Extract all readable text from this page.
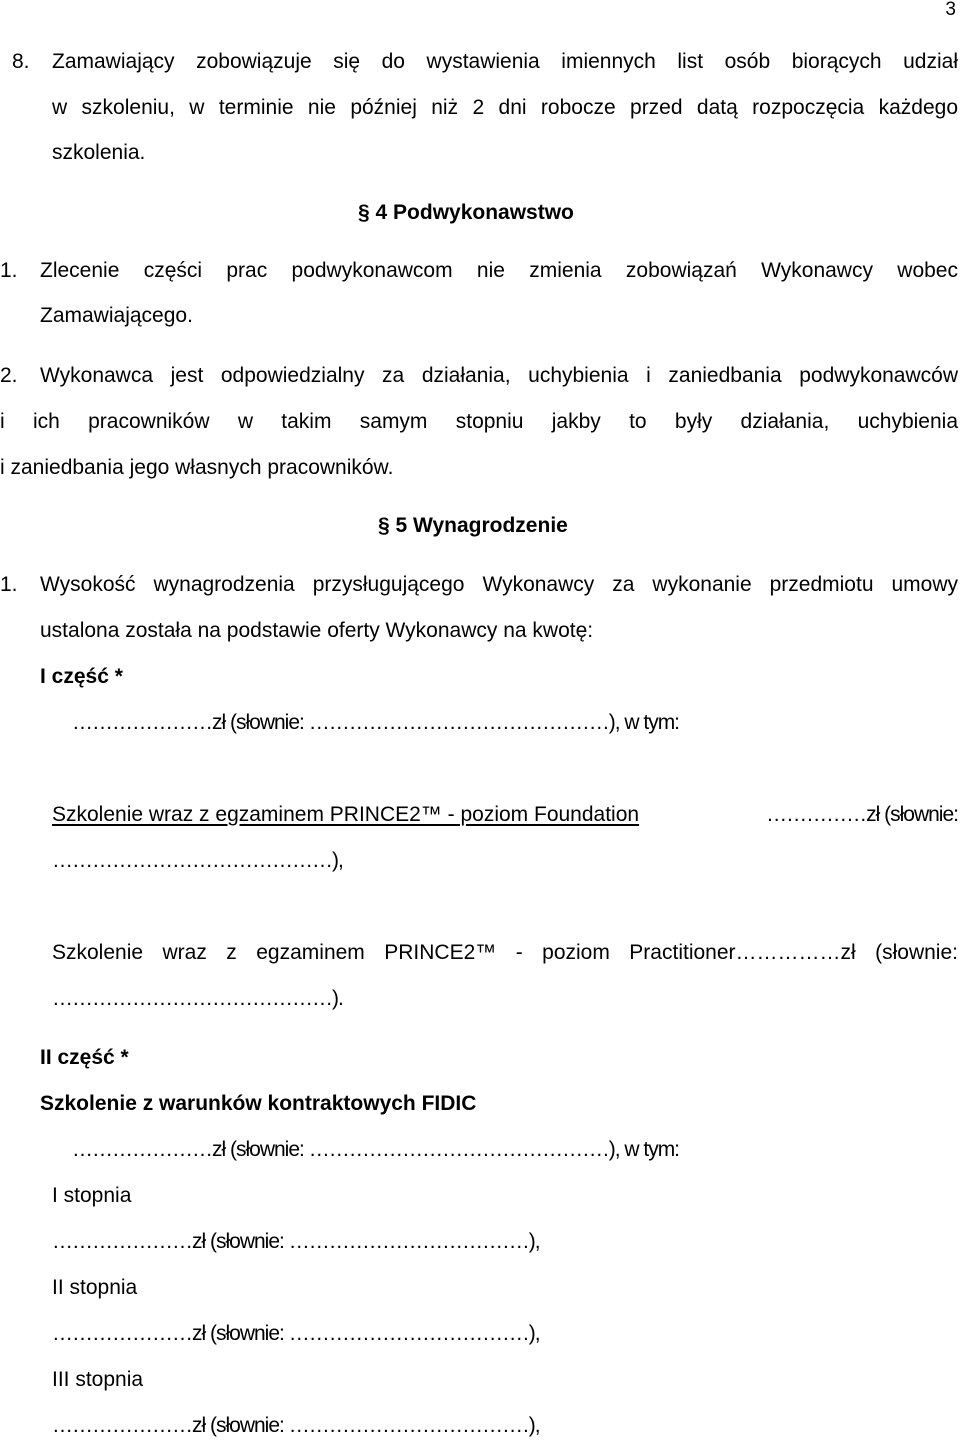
3
8. Zamawiający zobowiązuje się do wystawienia imiennych list osób biorących udział
w szkoleniu, w terminie nie później niż 2 dni robocze przed datą rozpoczęcia każdego
szkolenia.
§ 4 Podwykonawstwo
1. Zlecenie części prac podwykonawcom nie zmienia zobowiązań Wykonawcy wobec
Zamawiającego.
2. Wykonawca jest odpowiedzialny za działania, uchybienia i zaniedbania podwykonawców
i ich pracowników w takim samym stopniu jakby to były działania, uchybienia
i zaniedbania jego własnych pracowników.
§ 5 Wynagrodzenie
1. Wysokość wynagrodzenia przysługującego Wykonawcy za wykonanie przedmiotu umowy
ustalona została na podstawie oferty Wykonawcy na kwotę:
I część *
…………………zł (słownie: ………………………………………), w tym:
Szkolenie wraz z egzaminem PRINCE2™ - poziom Foundation	……………zł (słownie:
……………………………………),
Szkolenie wraz z egzaminem PRINCE2™ - poziom Practitioner……………zł (słownie:
……………………………………).
II część *
Szkolenie z warunków kontraktowych FIDIC
…………………zł (słownie: ………………………………………), w tym:
I stopnia
…………………zł (słownie: ………………………………),
II stopnia
…………………zł (słownie: ………………………………),
III stopnia
…………………zł (słownie: ………………………………),
